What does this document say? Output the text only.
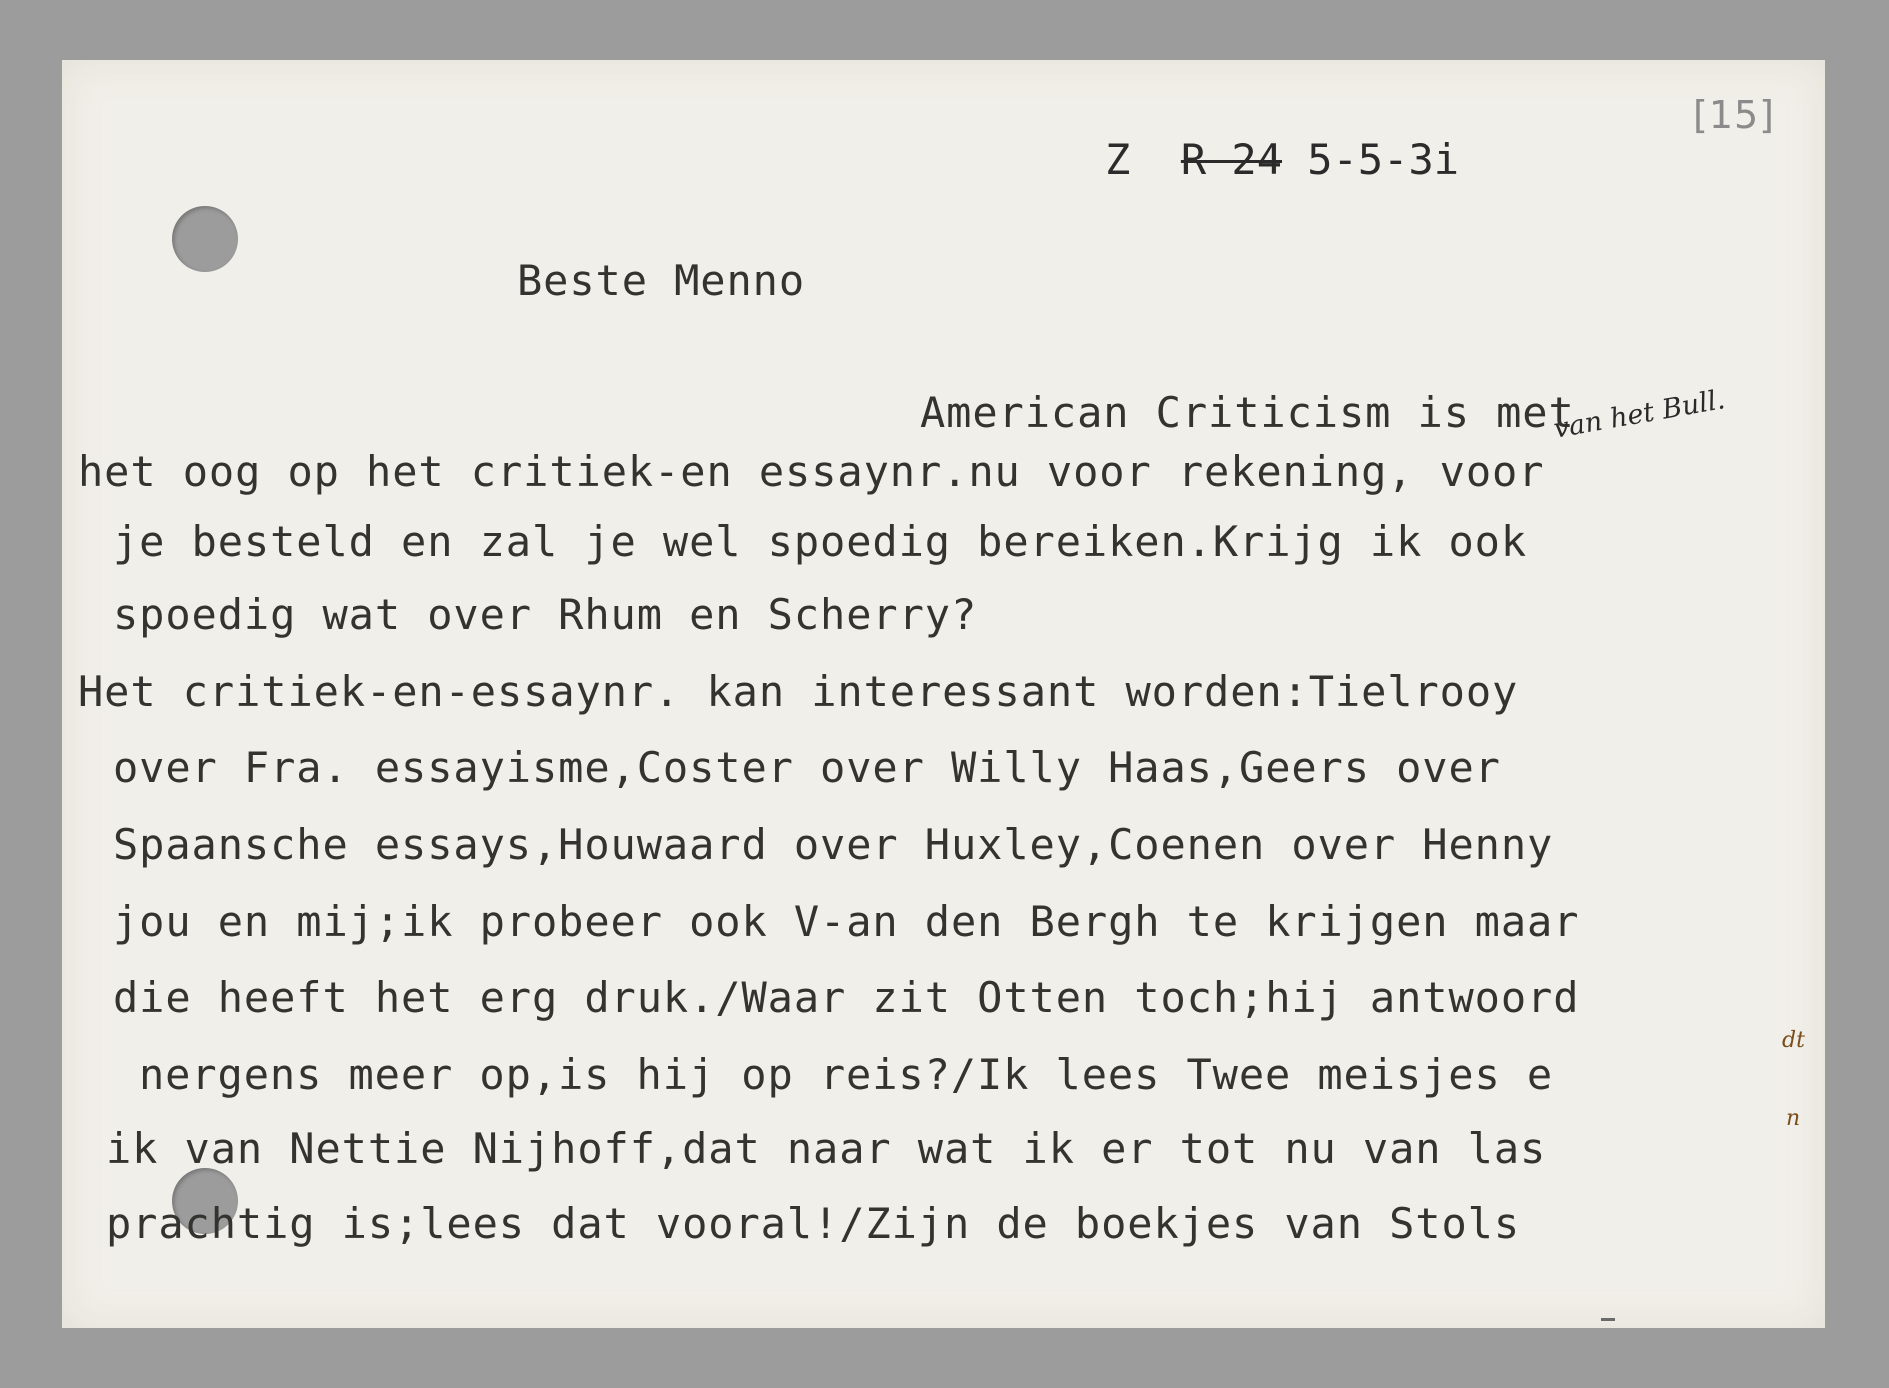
[15]
Z  R 24 5-5-3i
Beste Menno
American Criticism is met
het oog op het critiek-en essaynr.nu voor rekening, voor
je besteld en zal je wel spoedig bereiken.Krijg ik ook
spoedig wat over Rhum en Scherry?
Het critiek-en-essaynr. kan interessant worden:Tielrooy
over Fra. essayisme,Coster over Willy Haas,Geers over
Spaansche essays,Houwaard over Huxley,Coenen over Henny
jou en mij;ik probeer ook V-an den Bergh te krijgen maar
die heeft het erg druk./Waar zit Otten toch;hij antwoord
nergens meer op,is hij op reis?/Ik lees Twee meisjes e
ik van Nettie Nijhoff,dat naar wat ik er tot nu van las
prachtig is;lees dat vooral!/Zijn de boekjes van Stols
van het Bull.
dt
n
